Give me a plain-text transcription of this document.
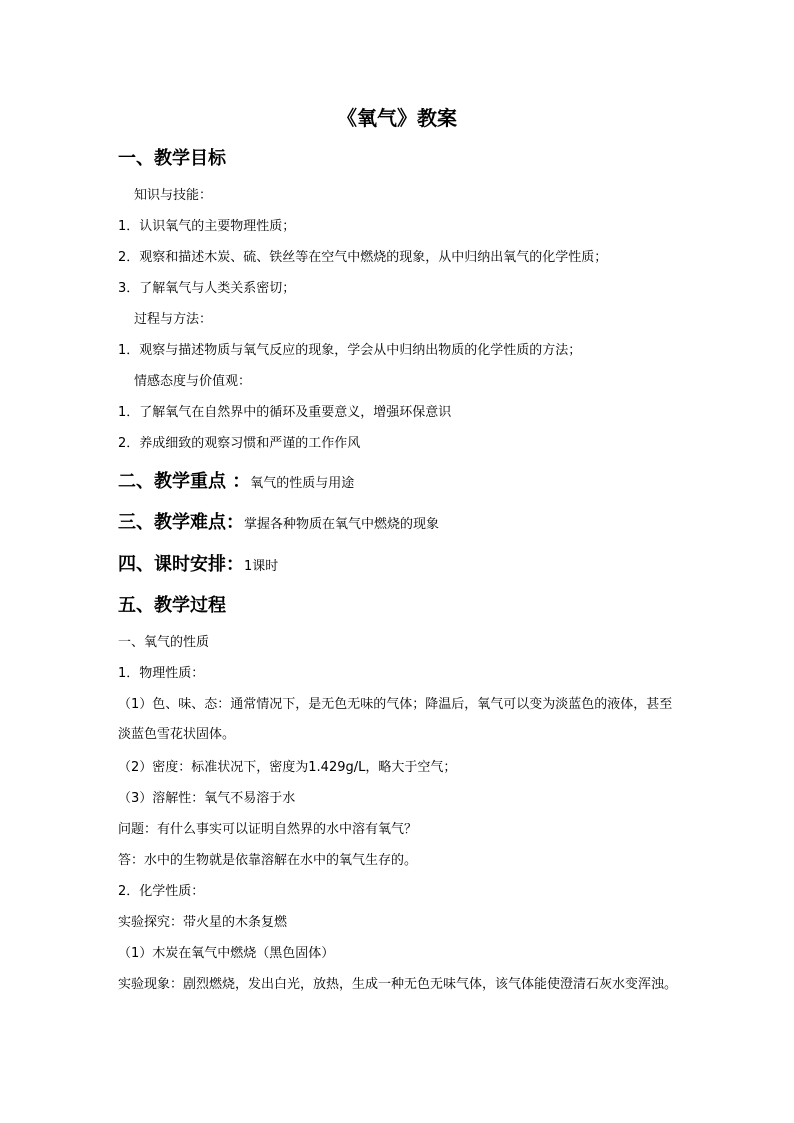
《氧气》教案
一、教学目标
知识与技能：
1．认识氧气的主要物理性质；
2．观察和描述木炭、硫、铁丝等在空气中燃烧的现象，从中归纳出氧气的化学性质；
3．了解氧气与人类关系密切；
过程与方法：
1．观察与描述物质与氧气反应的现象，学会从中归纳出物质的化学性质的方法；
情感态度与价值观：
1．了解氧气在自然界中的循环及重要意义，增强环保意识
2．养成细致的观察习惯和严谨的工作作风
二、教学重点 ：氧气的性质与用途
三、教学难点：掌握各种物质在氧气中燃烧的现象
四、课时安排：1课时
五、教学过程
一、氧气的性质
1．物理性质：
（1）色、味、态：通常情况下，是无色无味的气体；降温后，氧气可以变为淡蓝色的液体，甚至淡蓝色雪花状固体。
（2）密度：标准状况下，密度为1.429g/L，略大于空气；
（3）溶解性：氧气不易溶于水
问题：有什么事实可以证明自然界的水中溶有氧气？
答：水中的生物就是依靠溶解在水中的氧气生存的。
2．化学性质：
实验探究：带火星的木条复燃
（1）木炭在氧气中燃烧（黑色固体）
实验现象：剧烈燃烧，发出白光，放热，生成一种无色无味气体，该气体能使澄清石灰水变浑浊。
